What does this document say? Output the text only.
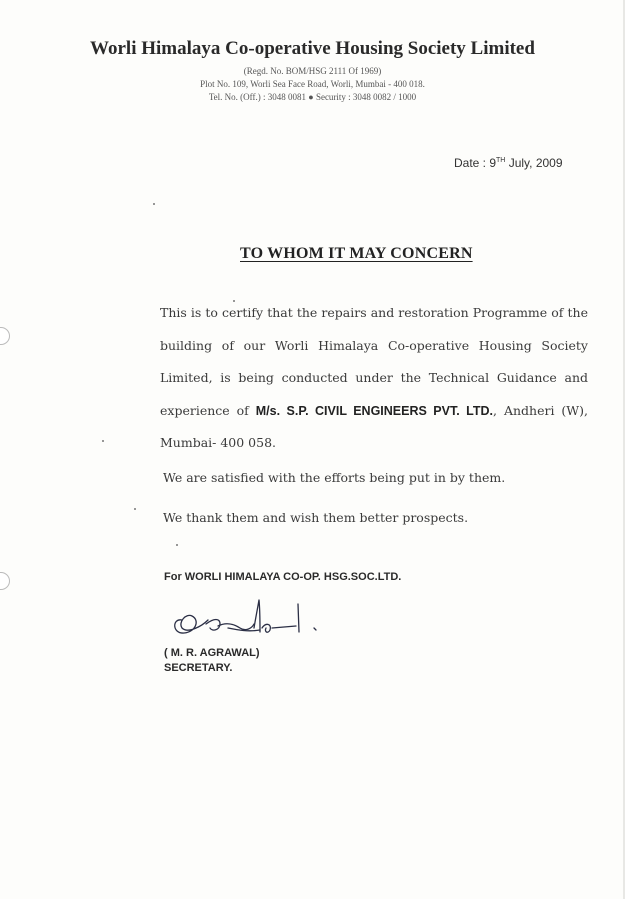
Worli Himalaya Co-operative Housing Society Limited
(Regd. No. BOM/HSG 2111 Of 1969)
Plot No. 109, Worli Sea Face Road, Worli, Mumbai - 400 018.
Tel. No. (Off.) : 3048 0081 ● Security : 3048 0082 / 1000
Date : 9TH July, 2009
TO WHOM IT MAY CONCERN
This is to certify that the repairs and restoration Programme of the building of our Worli Himalaya Co-operative Housing Society Limited, is being conducted under the Technical Guidance and experience of M/s. S.P. CIVIL ENGINEERS PVT. LTD., Andheri (W), Mumbai- 400 058.
We are satisfied with the efforts being put in by them.
We thank them and wish them better prospects.
For WORLI HIMALAYA CO-OP. HSG.SOC.LTD.
( M. R. AGRAWAL)
SECRETARY.
